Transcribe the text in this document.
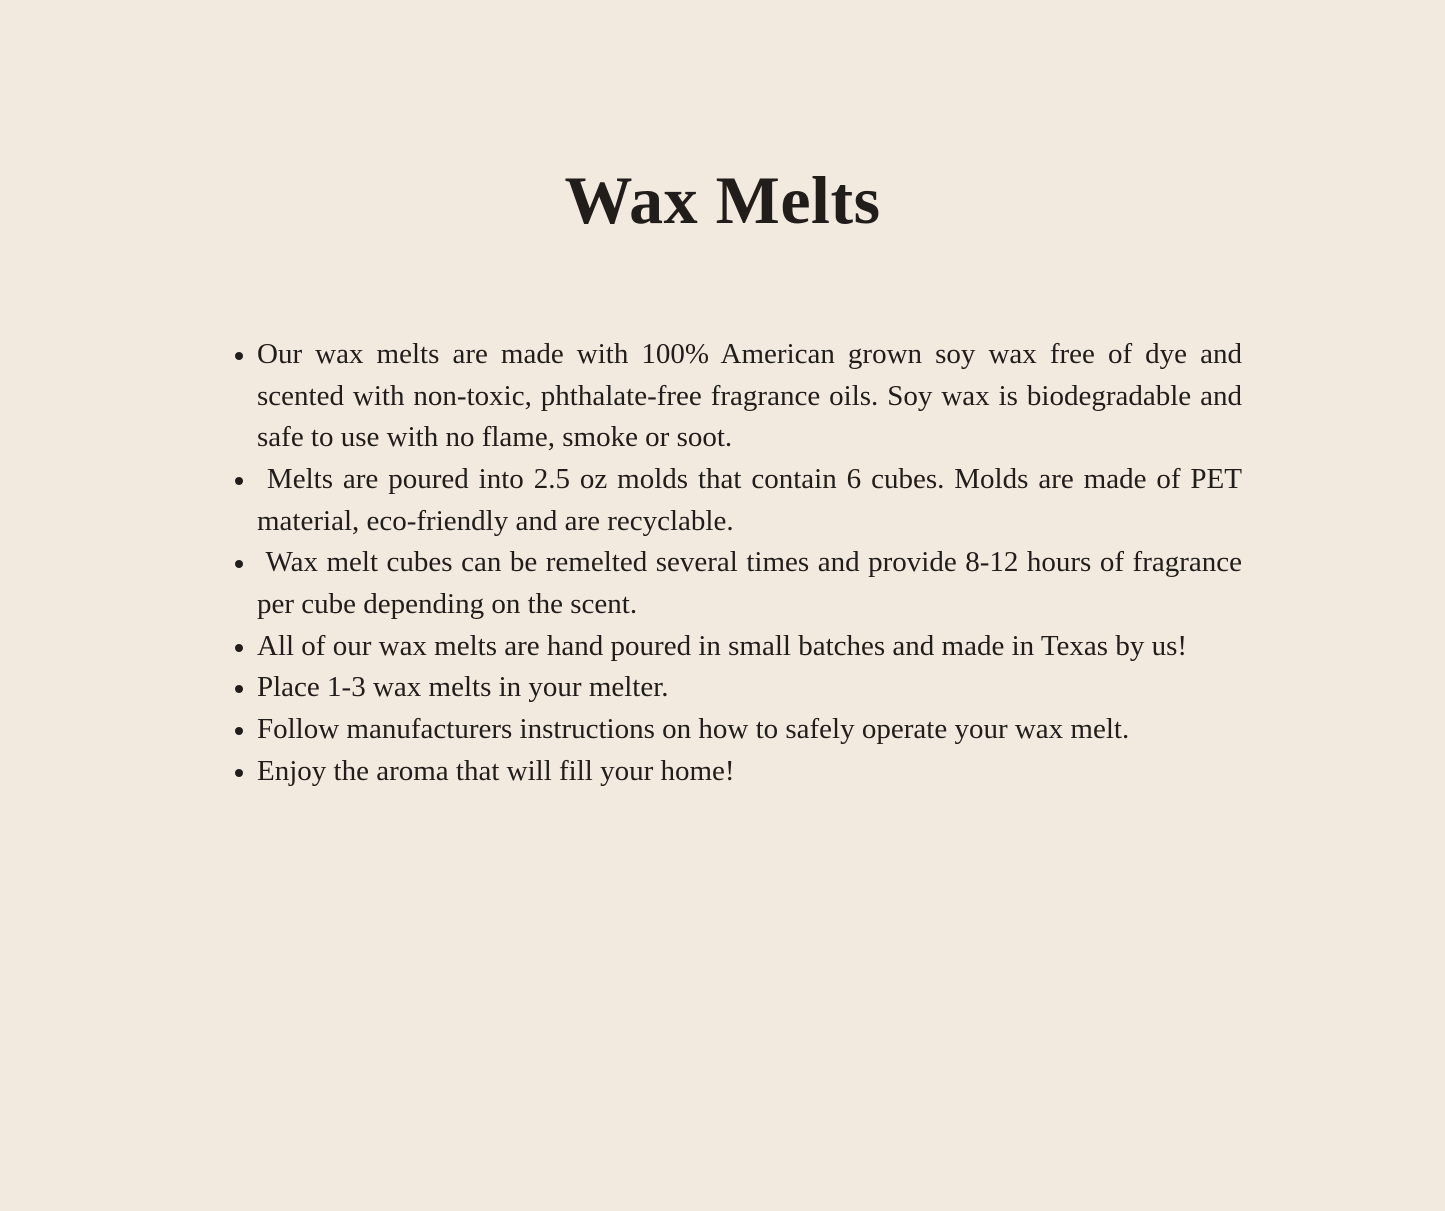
Wax Melts
• Our wax melts are made with 100% American grown soy wax free of dye and scented with non-toxic, phthalate-free fragrance oils. Soy wax is biodegradable and safe to use with no flame, smoke or soot.
•  Melts are poured into 2.5 oz molds that contain 6 cubes. Molds are made of PET material, eco-friendly and are recyclable.
•  Wax melt cubes can be remelted several times and provide 8-12 hours of fragrance per cube depending on the scent.
• All of our wax melts are hand poured in small batches and made in Texas by us!
• Place 1-3 wax melts in your melter.
• Follow manufacturers instructions on how to safely operate your wax melt.
• Enjoy the aroma that will fill your home!
